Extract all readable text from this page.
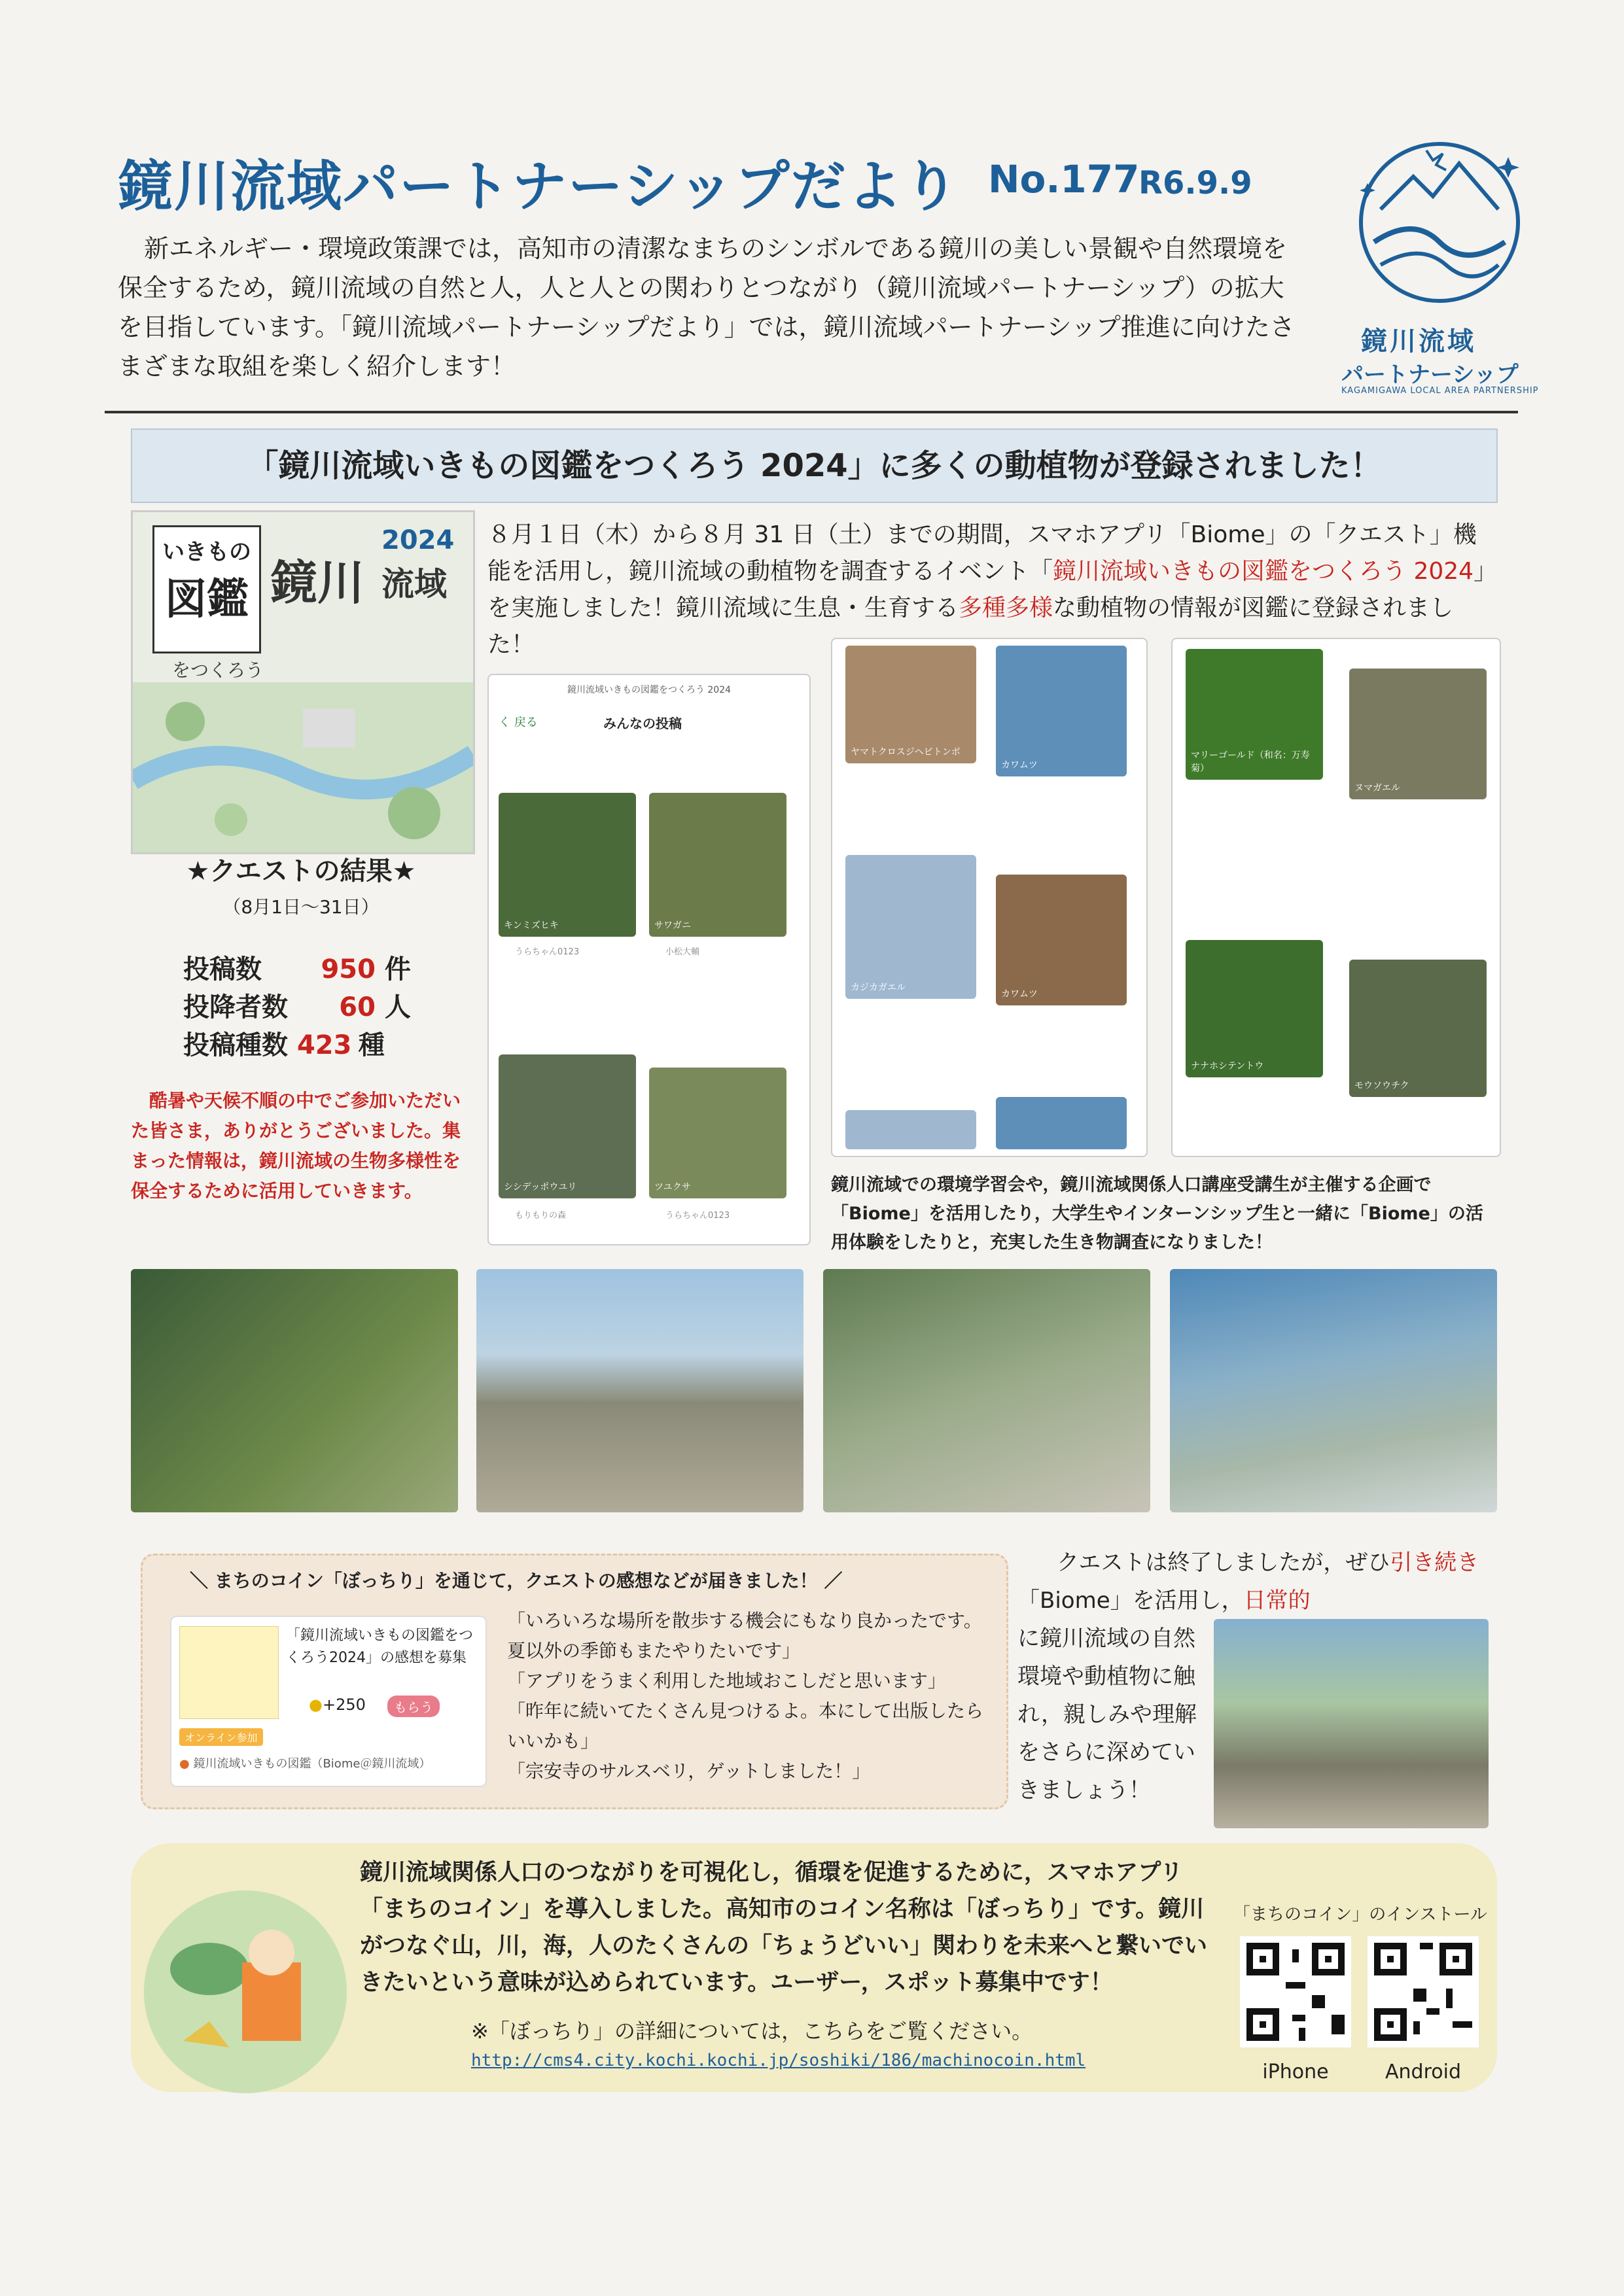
鏡川流域パートナーシップだより No.177
R6.9.9
新エネルギー・環境政策課では，高知市の清潔なまちのシンボルである鏡川の美しい景観や自然環境を保全するため，鏡川流域の自然と人，人と人との関わりとつながり（鏡川流域パートナーシップ）の拡大を目指しています。「鏡川流域パートナーシップだより」では，鏡川流域パートナーシップ推進に向けたさまざまな取組を楽しく紹介します！
鏡川流域
パートナーシップ
KAGAMIGAWA LOCAL AREA PARTNERSHIP
「鏡川流域いきもの図鑑をつくろう 2024」に多くの動植物が登録されました！
いきもの
図鑑 鏡川
2024
流域
をつくろう
★クエストの結果★
（8月1日～31日）
投稿数 950 件
投降者数 60 人
投稿種数 423 種
酷暑や天候不順の中でご参加いただいた皆さま，ありがとうございました。集まった情報は，鏡川流域の生物多様性を保全するために活用していきます。
８月１日（木）から８月 31 日（土）までの期間，スマホアプリ「Biome」の「クエスト」機能を活用し，鏡川流域の動植物を調査するイベント「鏡川流域いきもの図鑑をつくろう 2024」を実施しました！鏡川流域に生息・生育する多種多様な動植物の情報が図鑑に登録されました！
鏡川流域いきもの図鑑をつくろう 2024
く 戻る	みんなの投稿
キンミズヒキ	サワガニ
うらちゃん0123	小松大輔
シシデッポウユリ	ツユクサ
もりもりの森	うらちゃん0123
ヤマトクロスジヘビトンボ
カワムツ
カジカガエル
カワムツ
マリーゴールド（和名：万寿菊）
ヌマガエル
ナナホシテントウ
モウソウチク
鏡川流域での環境学習会や，鏡川流域関係人口講座受講生が主催する企画で「Biome」を活用したり，大学生やインターンシップ生と一緒に「Biome」の活用体験をしたりと，充実した生き物調査になりました！
＼ まちのコイン「ぼっちり」を通じて，クエストの感想などが届きました！ ／
「鏡川流域いきもの図鑑をつくろう2024」の感想を募集
●+250	もらう
オンライン参加
● 鏡川流域いきもの図鑑（Biome＠鏡川流域）
「いろいろな場所を散歩する機会にもなり良かったです。夏以外の季節もまたやりたいです」
「アプリをうまく利用した地域おこしだと思います」
「昨年に続いてたくさん見つけるよ。本にして出版したらいいかも」
「宗安寺のサルスベリ，ゲットしました！」
クエストは終了しましたが，ぜひ引き続き
「Biome」を活用し，日常的
に鏡川流域の自然環境や動植物に触れ，親しみや理解をさらに深めていきましょう！
鏡川流域関係人口のつながりを可視化し，循環を促進するために，スマホアプリ「まちのコイン」を導入しました。高知市のコイン名称は「ぼっちり」です。鏡川がつなぐ山，川，海，人のたくさんの「ちょうどいい」関わりを未来へと繋いでいきたいという意味が込められています。ユーザー，スポット募集中です！
※「ぼっちり」の詳細については，こちらをご覧ください。
http://cms4.city.kochi.kochi.jp/soshiki/186/machinocoin.html
「まちのコイン」のインストール
iPhone	Android
